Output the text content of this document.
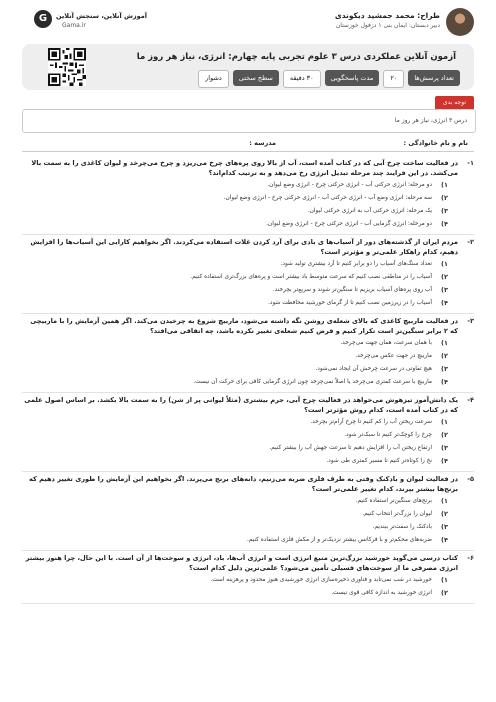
طراح: محمد جمشید دیکوندی
دبیر دبستان: ایمان بنی ۱ دزفول خوزستان
G	آموزش آنلاین، سنجش آنلاین
Gama.ir
آزمون آنلاین عملکردی درس ۳ علوم تجربی پایه چهارم: انرژی، نیاز هر روز ما
تعداد پرسش‌ها
۲۰
مدت پاسخگویی
۳۰ دقیقه
سطح سختی
دشوار
توجه بدی
درس ۳ انرژی، نیاز هر روز ما
نام و نام خانوادگی :
مدرسه :
۱-
در فعالیت ساخت چرخ آبی که در کتاب آمده است، آب از بالا روی پره‌های چرخ می‌ریزد و چرخ می‌چرخد و لیوان کاغذی را به سمت بالا می‌کشد. در این فرایند چند مرحله تبدیل انرژی رخ می‌دهد و به ترتیب کدام‌اند؟
۱)
دو مرحله: انرژی حرکتی آب - انرژی حرکتی چرخ - انرژی وضع لیوان.
۲)
سه مرحله: انرژی وضع آب - انرژی حرکتی آب - انرژی حرکتی چرخ - انرژی وضع لیوان.
۳)
یک مرحله: انرژی حرکتی آب به انرژی حرکتی لیوان.
۴)
دو مرحله: انرژی گرمایی آب - انرژی حرکتی چرخ - انرژی وضع لیوان.
۲-
مردم ایران از گذشته‌های دور از آسیاب‌ها ی بادی برای آرد کردن غلات استفاده می‌کردند. اگر بخواهیم کارایی این آسیاب‌ها را افزایش دهیم، کدام راهکار علمی‌تر و مؤثرتر است؟
۱)
تعداد سنگ‌های آسیاب را دو برابر کنیم تا آرد بیشتری تولید شود.
۲)
آسیاب را در مناطقی نصب کنیم که سرعت متوسط باد بیشتر است و پره‌های بزرگ‌تری استفاده کنیم.
۳)
آب روی پره‌های آسیاب بریزیم تا سنگین‌تر شوند و سریع‌تر بچرخند.
۴)
آسیاب را در زیرزمین نصب کنیم تا از گرمای خورشید محافظت شود.
۳-
در فعالیت ماربیچ کاغذی که بالای شعله‌ی روشن نگه داشته می‌شود، ماربیچ شروع به چرخیدن می‌کند. اگر همین آزمایش را با ماربیچی که ۲ برابر سنگین‌تر است تکرار کنیم و فرض کنیم شعله‌ی تغییر نکرده باشد، چه اتفاقی می‌افتد؟
۱)
با همان سرعت، همان جهت می‌چرخد.
۲)
ماربیچ در جهت عکس می‌چرخد.
۳)
هیچ تفاوتی در سرعت چرخش آن ایجاد نمی‌شود.
۴)
ماربیچ با سرعت کمتری می‌چرخد یا اصلاً نمی‌چرخد چون انرژی گرمایی کافی برای حرکت آن نیست.
۴-
یک دانش‌آموز تیزهوش می‌خواهد در فعالیت چرخ آبی، جرم بیشتری (مثلاً لیوانی پر از شن) را به سمت بالا بکشد. بر اساس اصول علمی که در کتاب آمده است، کدام روش مؤثرتر است؟
۱)
سرعت ریختن آب را کم کنیم تا چرخ آرام‌تر بچرخد.
۲)
چرخ را کوچک‌تر کنیم تا سبک‌تر شود.
۳)
ارتفاع ریختن آب را افزایش دهیم تا سرعت جهش آب را بیشتر کنیم.
۴)
نخ را کوتاه‌تر کنیم تا مسیر کمتری طی شود.
۵-
در فعالیت لیوان و بادکنک وقتی به طرف فلزی ضربه می‌زنیم، دانه‌های برنج می‌پرند. اگر بخواهیم این آزمایش را طوری تغییر دهیم که برنج‌ها بیشتر بپرند، کدام تغییر علمی‌تر است؟
۱)
برنج‌های سنگین‌تر استفاده کنیم.
۲)
لیوان را بزرگ‌تر انتخاب کنیم.
۳)
بادکنک را سفت‌تر ببندیم.
۴)
ضربه‌های محکم‌تر و با فرکانس بیشتر نزدیک‌تر و از مکش فلزی استفاده کنیم.
۶-
کتاب درسی می‌گوید خورشید بزرگ‌ترین منبع انرژی است و انرژی آب‌ها، باد، انرژی و سوخت‌ها از آن است. با این حال، چرا هنوز بیشتر انرژی مصرفی ما از سوخت‌های فسیلی تأمین می‌شود؟ علمی‌ترین دلیل کدام است؟
۱)
خورشید در شب نمی‌تابد و فناوری ذخیره‌سازی انرژی خورشیدی هنوز محدود و پرهزینه است.
۲)
انرژی خورشید به اندازه کافی قوی نیست.
